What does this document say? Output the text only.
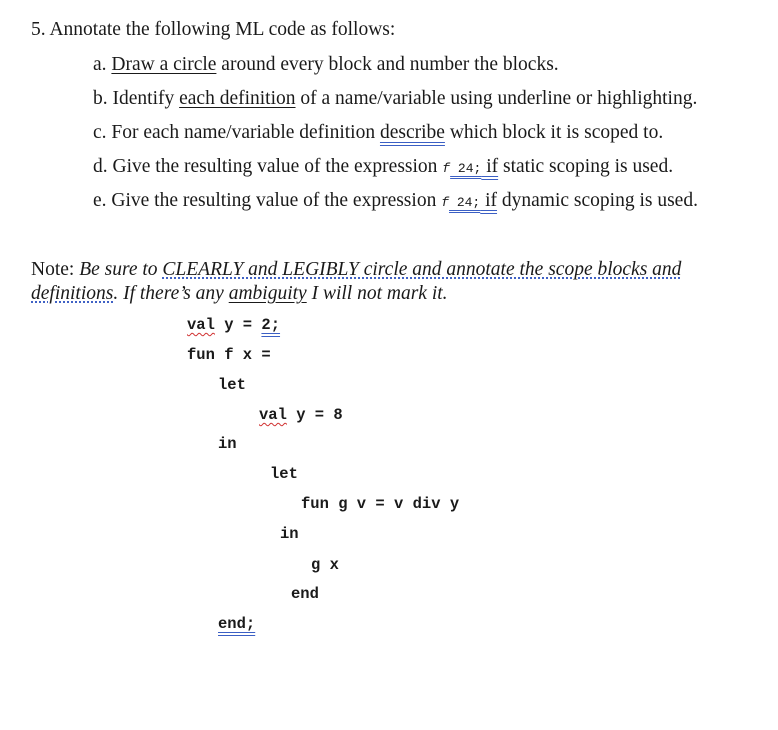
5. Annotate the following ML code as follows:
a. Draw a circle around every block and number the blocks.
b. Identify each definition of a name/variable using underline or highlighting.
c. For each name/variable definition describe which block it is scoped to.
d. Give the resulting value of the expression f 24; if static scoping is used.
e. Give the resulting value of the expression f 24; if dynamic scoping is used.
Note: Be sure to CLEARLY and LEGIBLY circle and annotate the scope blocks and
definitions. If there’s any ambiguity I will not mark it.
val y = 2;
fun f x =
let
val y = 8
in
let
fun g v = v div y
in
g x
end
end;
